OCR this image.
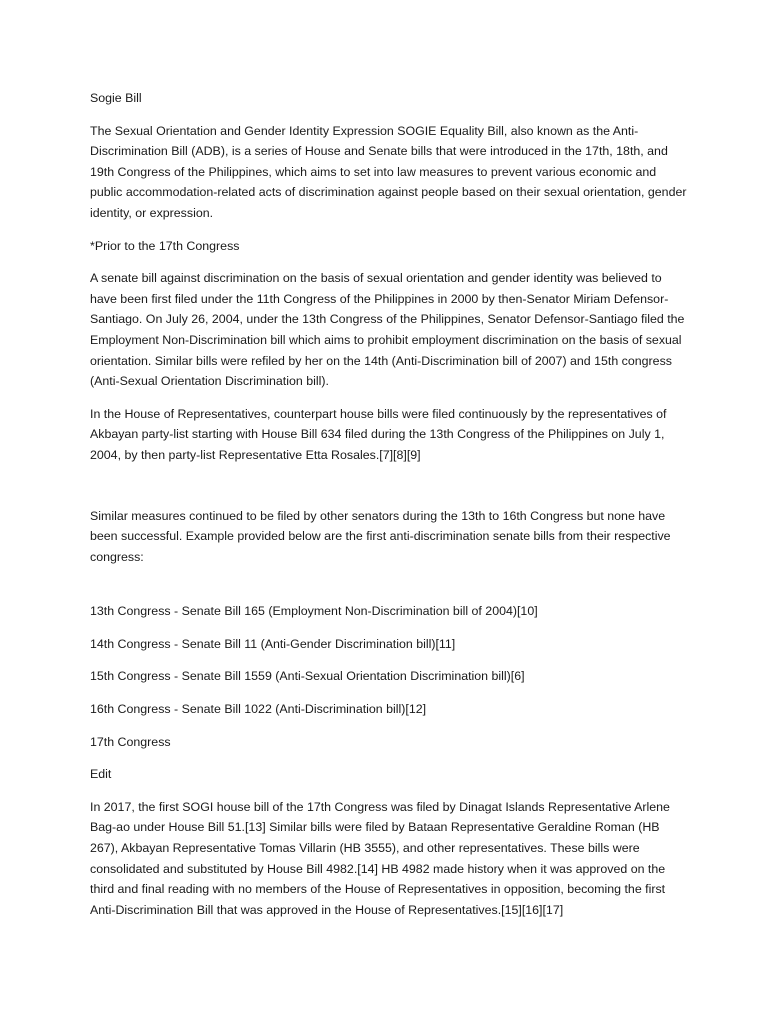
Sogie Bill

The Sexual Orientation and Gender Identity Expression SOGIE Equality Bill, also known as the Anti-Discrimination Bill (ADB), is a series of House and Senate bills that were introduced in the 17th, 18th, and 19th Congress of the Philippines, which aims to set into law measures to prevent various economic and public accommodation-related acts of discrimination against people based on their sexual orientation, gender identity, or expression.

*Prior to the 17th Congress

A senate bill against discrimination on the basis of sexual orientation and gender identity was believed to have been first filed under the 11th Congress of the Philippines in 2000 by then-Senator Miriam Defensor-Santiago. On July 26, 2004, under the 13th Congress of the Philippines, Senator Defensor-Santiago filed the Employment Non-Discrimination bill which aims to prohibit employment discrimination on the basis of sexual orientation. Similar bills were refiled by her on the 14th (Anti-Discrimination bill of 2007) and 15th congress (Anti-Sexual Orientation Discrimination bill).

In the House of Representatives, counterpart house bills were filed continuously by the representatives of Akbayan party-list starting with House Bill 634 filed during the 13th Congress of the Philippines on July 1, 2004, by then party-list Representative Etta Rosales.[7][8][9]

Similar measures continued to be filed by other senators during the 13th to 16th Congress but none have been successful. Example provided below are the first anti-discrimination senate bills from their respective congress:

13th Congress - Senate Bill 165 (Employment Non-Discrimination bill of 2004)[10]

14th Congress - Senate Bill 11 (Anti-Gender Discrimination bill)[11]

15th Congress - Senate Bill 1559 (Anti-Sexual Orientation Discrimination bill)[6]

16th Congress - Senate Bill 1022 (Anti-Discrimination bill)[12]

17th Congress

Edit

In 2017, the first SOGI house bill of the 17th Congress was filed by Dinagat Islands Representative Arlene Bag-ao under House Bill 51.[13] Similar bills were filed by Bataan Representative Geraldine Roman (HB 267), Akbayan Representative Tomas Villarin (HB 3555), and other representatives. These bills were consolidated and substituted by House Bill 4982.[14] HB 4982 made history when it was approved on the third and final reading with no members of the House of Representatives in opposition, becoming the first Anti-Discrimination Bill that was approved in the House of Representatives.[15][16][17]
